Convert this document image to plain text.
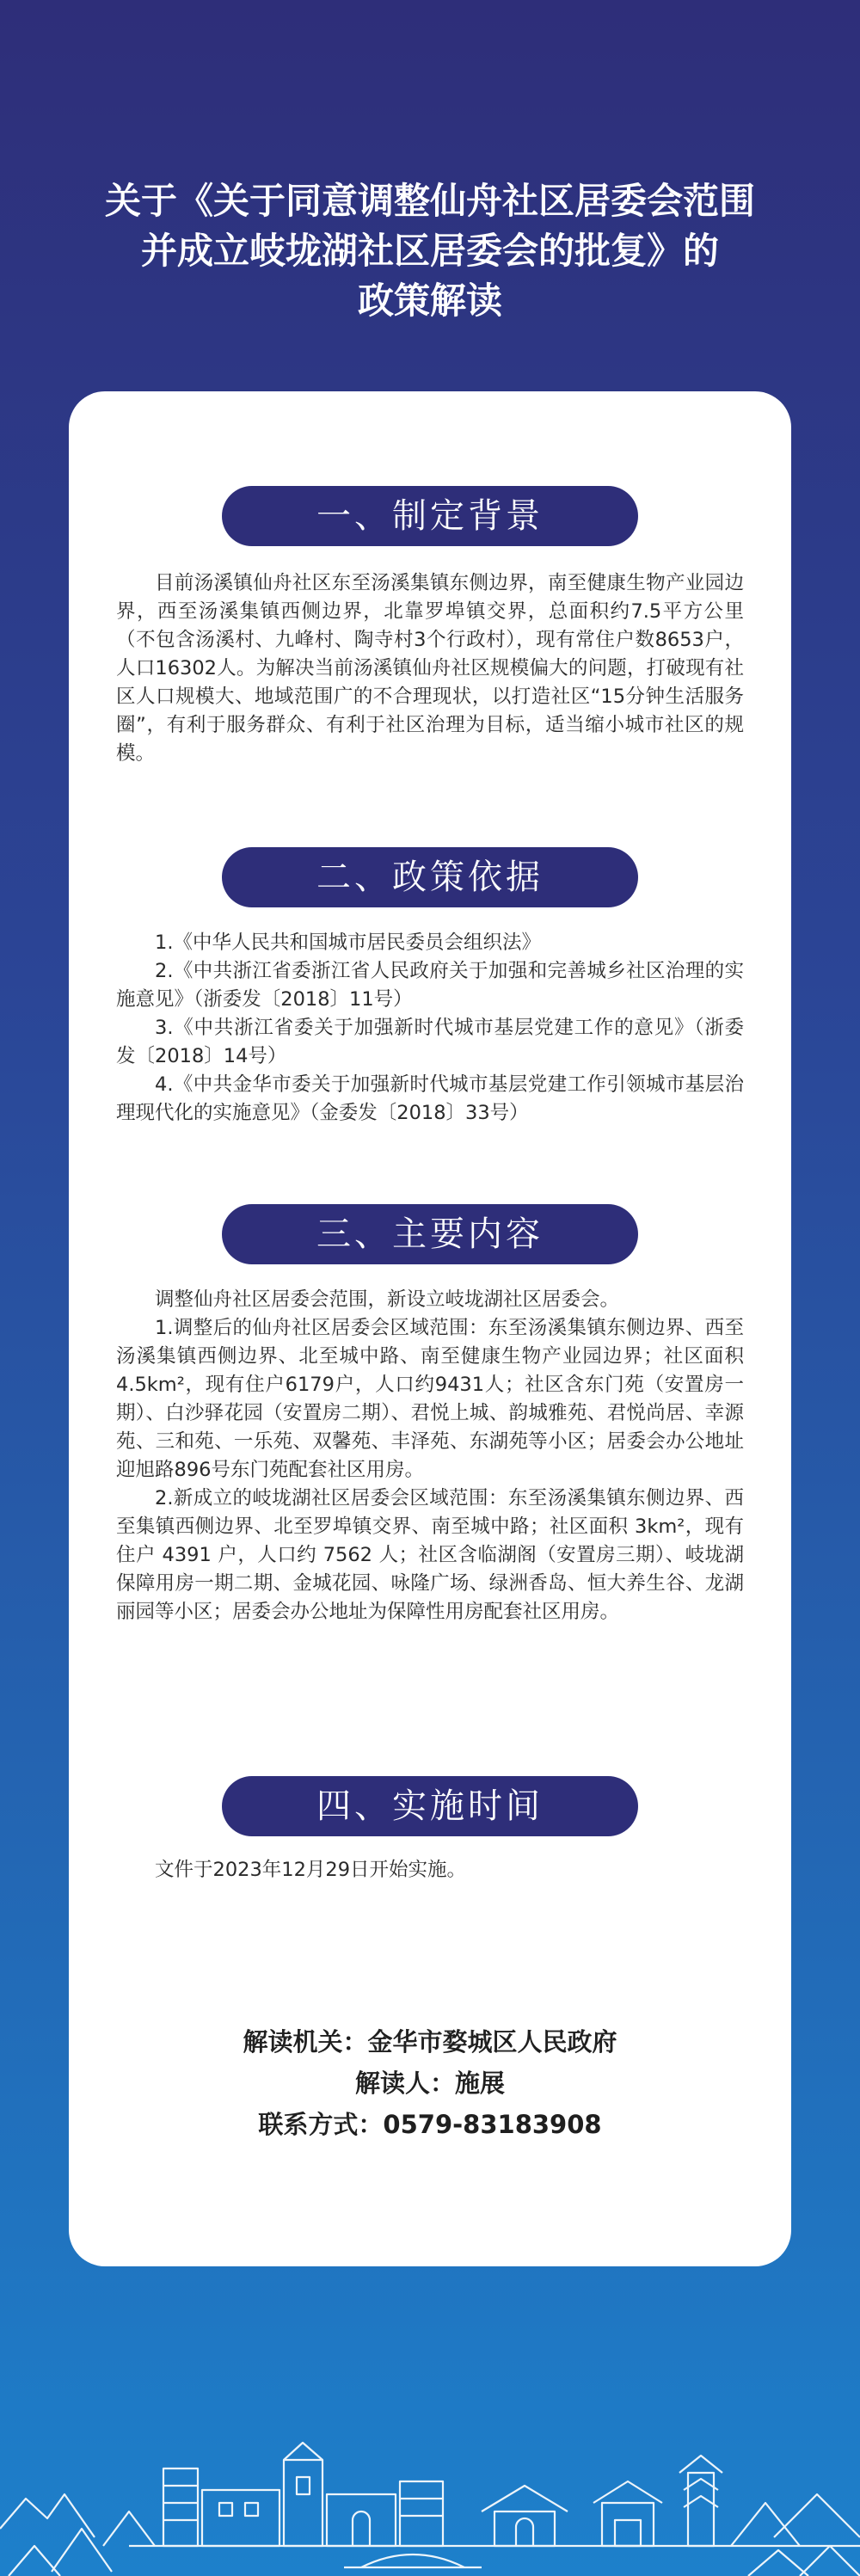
关于《关于同意调整仙舟社区居委会范围
并成立岐垅湖社区居委会的批复》的
政策解读
一、制定背景

目前汤溪镇仙舟社区东至汤溪集镇东侧边界，南至健康生物产业园边界，西至汤溪集镇西侧边界，北靠罗埠镇交界，总面积约7.5平方公里（不包含汤溪村、九峰村、陶寺村3个行政村），现有常住户数8653户，人口16302人。为解决当前汤溪镇仙舟社区规模偏大的问题，打破现有社区人口规模大、地域范围广的不合理现状，以打造社区“15分钟生活服务圈”，有利于服务群众、有利于社区治理为目标，适当缩小城市社区的规模。

二、政策依据

1.《中华人民共和国城市居民委员会组织法》

2.《中共浙江省委浙江省人民政府关于加强和完善城乡社区治理的实施意见》（浙委发〔2018〕11号）

3.《中共浙江省委关于加强新时代城市基层党建工作的意见》（浙委发〔2018〕14号）

4.《中共金华市委关于加强新时代城市基层党建工作引领城市基层治理现代化的实施意见》（金委发〔2018〕33号）

三、主要内容

调整仙舟社区居委会范围，新设立岐垅湖社区居委会。

1.调整后的仙舟社区居委会区域范围：东至汤溪集镇东侧边界、西至汤溪集镇西侧边界、北至城中路、南至健康生物产业园边界；社区面积4.5km²，现有住户6179户，人口约9431人；社区含东门苑（安置房一期）、白沙驿花园（安置房二期）、君悦上城、韵城雅苑、君悦尚居、幸源苑、三和苑、一乐苑、双馨苑、丰泽苑、东湖苑等小区；居委会办公地址迎旭路896号东门苑配套社区用房。

2.新成立的岐垅湖社区居委会区域范围：东至汤溪集镇东侧边界、西至集镇西侧边界、北至罗埠镇交界、南至城中路；社区面积 3km²，现有住户 4391 户，人口约 7562 人；社区含临湖阁（安置房三期）、岐垅湖保障用房一期二期、金城花园、咏隆广场、绿洲香岛、恒大养生谷、龙湖丽园等小区；居委会办公地址为保障性用房配套社区用房。

四、实施时间

文件于2023年12月29日开始实施。

解读机关：金华市婺城区人民政府
解读人：施展
联系方式：0579-83183908
